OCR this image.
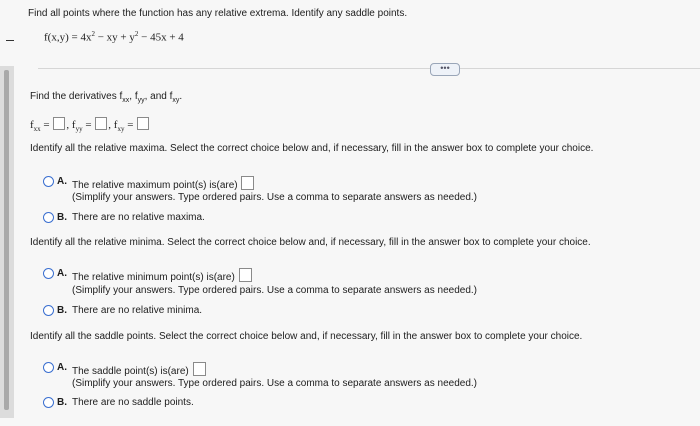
Find all points where the function has any relative extrema. Identify any saddle points.
$f(x,y) = 4x^2$ − xy + $y^2 - 45x + 4$
•••
Find the derivatives $f_{xx}$, $f_{yy}$, and $f_{xy}$.
$f_{xx}$ = , $f_{yy}$ = , $f_{xy}$ =
Identify all the relative maxima. Select the correct choice below and, if necessary, fill in the answer box to complete your choice.
A. The relative maximum point(s) is(are)
(Simplify your answers. Type ordered pairs. Use a comma to separate answers as needed.)
B. There are no relative maxima.
Identify all the relative minima. Select the correct choice below and, if necessary, fill in the answer box to complete your choice.
A. The relative minimum point(s) is(are)
(Simplify your answers. Type ordered pairs. Use a comma to separate answers as needed.)
B. There are no relative minima.
Identify all the saddle points. Select the correct choice below and, if necessary, fill in the answer box to complete your choice.
A. The saddle point(s) is(are)
(Simplify your answers. Type ordered pairs. Use a comma to separate answers as needed.)
B. There are no saddle points.
